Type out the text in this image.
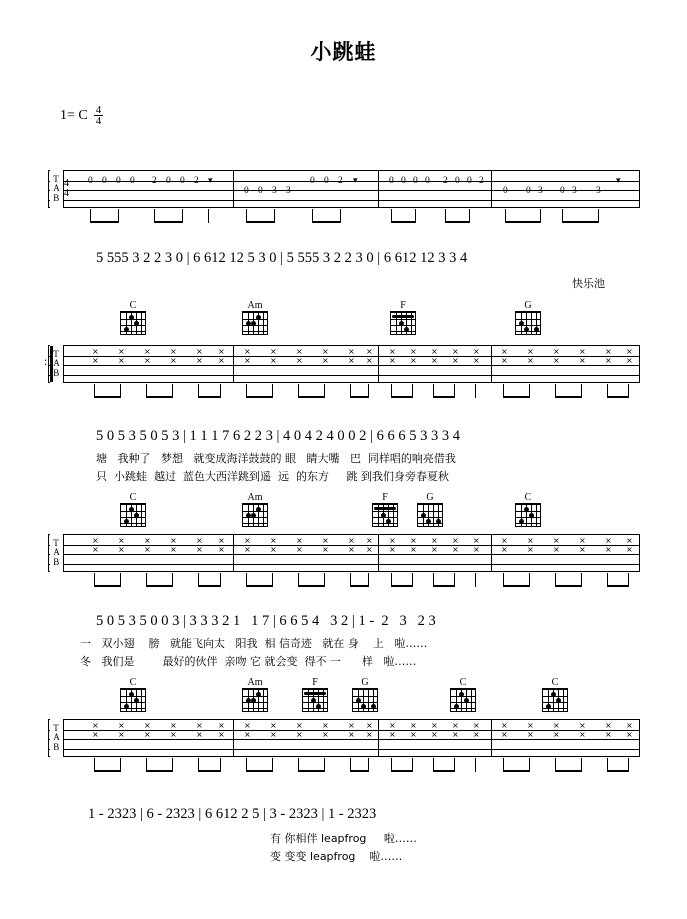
小跳蛙
1= C $\frac{4}{4}$
T
A
B
4
4
0 0 0 0 2 0 0 2 ▾
0 0 3 3
0 0 2 ▾	0 0 0 0 2 0 0 2
0 0 3 0 3 3
▾
5 555 3 2 2 3 0 | 6 612 12 5 3 0 | 5 555 3 2 2 3 0 | 6 612 12 3 3 4
快乐池
C	Am	F	G
T
A
B
×
×
×
×
×
×
×
×
×
×
×
×
×
×
×
×
×
×
×
×
×
×
×
×
×
×
×
×
×
×
×
×
×
×
×
×
×
×
×
×
×
×
×
×
×
×
:
5 0 5 3 5 0 5 3 | 1 1 1 7 6 2 2 3 | 4 0 4 2 4 0 0 2 | 6 6 6 5 3 3 3 4
塘   我种了   梦想   就变成海洋鼓鼓的 眼   睛大嘴   巴  同样唱的响亮借我
只  小跳蛙  越过  蓝色大西洋跳到遥  远  的东方     跳 到我们身旁春夏秋
C	Am	F	G	C
T
A
B
×
×
×
×
×
×
×
×
×
×
×
×
×
×
×
×
×
×
×
×
×
×
×
×
×
×
×
×
×
×
×
×
×
×
×
×
×
×
×
×
×
×
×
×
×
×
5 0 5 3 5 0 0 3 | 3 3 3 2 1   1 7 | 6 6 5 4   3 2 | 1 -  2   3   2 3
一   双小翅    膀   就能飞向太   阳我  相 信奇迹   就在 身    上   啦……
冬   我们是        最好的伙伴  亲吻 它 就会变  得不 一      样   啦……
C	Am	F	G	C	C
T
A
B
×
×
×
×
×
×
×
×
×
×
×
×
×
×
×
×
×
×
×
×
×
×
×
×
×
×
×
×
×
×
×
×
×
×
×
×
×
×
×
×
×
×
×
×
×
×
1 - 2323 | 6 - 2323 | 6 612 2 5 | 3 - 2323 | 1 - 2323
有 你相伴 leapfrog     啦……
变 变变 leapfrog    啦……
